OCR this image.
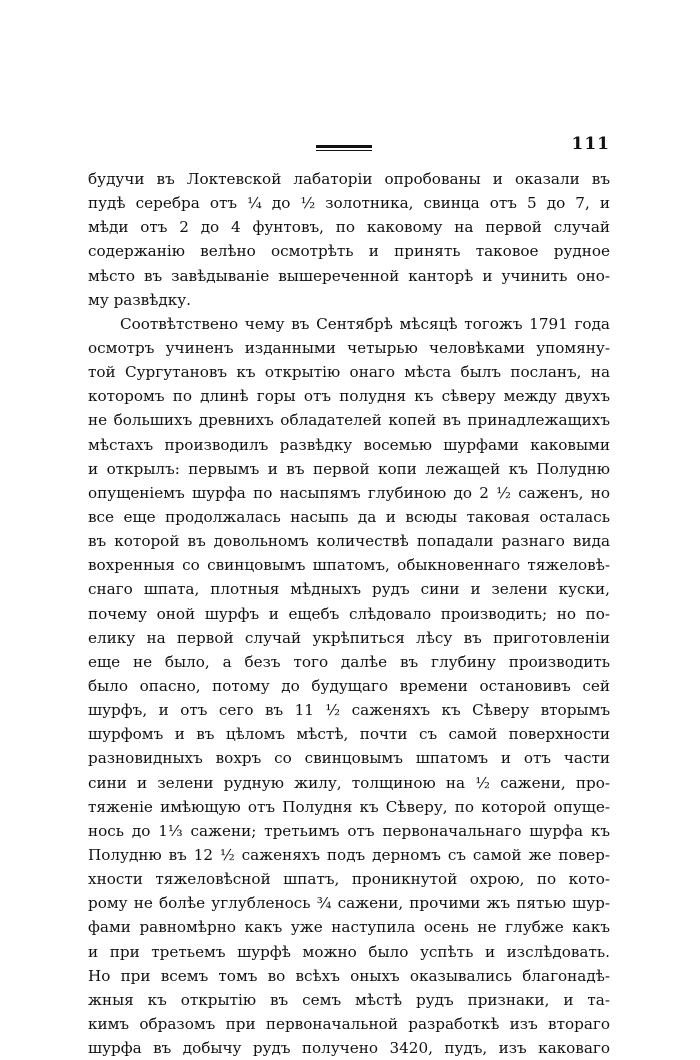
111
будучи въ Локтевской лабаторіи опробованы и оказали въ
пудѣ серебра отъ ¼ до ½ золотника, свинца отъ 5 до 7, и
мѣди отъ 2 до 4 фунтовъ, по каковому на первой случай
содержанію велѣно осмотрѣть и принять таковое рудное
мѣсто въ завѣдываніе вышереченной канторѣ и учинить оно-
му развѣдку.
Соотвѣтствено чему въ Сентябрѣ мѣсяцѣ тогожъ 1791 года
осмотръ учиненъ изданными четырью человѣками упомяну-
той Сургутановъ къ открытію онаго мѣста былъ посланъ, на
которомъ по длинѣ горы отъ полудня къ сѣверу между двухъ
не большихъ древнихъ обладателей копей въ принадлежащихъ
мѣстахъ производилъ развѣдку восемью шурфами каковыми
и открылъ: первымъ и въ первой копи лежащей къ Полудню
опущеніемъ шурфа по насыпямъ глубиною до 2 ½ саженъ, но
все еще продолжалась насыпь да и всюды таковая осталась
въ которой въ довольномъ количествѣ попадали разнаго вида
вохренныя со свинцовымъ шпатомъ, обыкновеннаго тяжеловѣ-
снаго шпата, плотныя мѣдныхъ рудъ сини и зелени куски,
почему оной шурфъ и ещебъ слѣдовало производить; но по-
елику на первой случай укрѣпиться лѣсу въ приготовленіи
еще не было, а безъ того далѣе въ глубину производить
было опасно, потому до будущаго времени остановивъ сей
шурфъ, и отъ сего въ 11 ½ саженяхъ къ Сѣверу вторымъ
шурфомъ и въ цѣломъ мѣстѣ, почти съ самой поверхности
разновидныхъ вохръ со свинцовымъ шпатомъ и отъ части
сини и зелени рудную жилу, толщиною на ½ сажени, про-
тяженіе имѣющую отъ Полудня къ Сѣверу, по которой опуще-
нось до 1⅓ сажени; третьимъ отъ первоначальнаго шурфа къ
Полудню въ 12 ½ саженяхъ подъ дерномъ съ самой же повер-
хности тяжеловѣсной шпатъ, проникнутой охрою, по кото-
рому не болѣе углубленось ¾ сажени, прочими жъ пятью шур-
фами равномѣрно какъ уже наступила осень не глубже какъ
и при третьемъ шурфѣ можно было успѣть и изслѣдовать.
Но при всемъ томъ во всѣхъ оныхъ оказывались благонадѣ-
жныя къ открытію въ семъ мѣстѣ рудъ признаки, и та-
кимъ образомъ при первоначальной разработкѣ изъ втораго
шурфа въ добычу рудъ получено 3420, пудъ, изъ каковаго
